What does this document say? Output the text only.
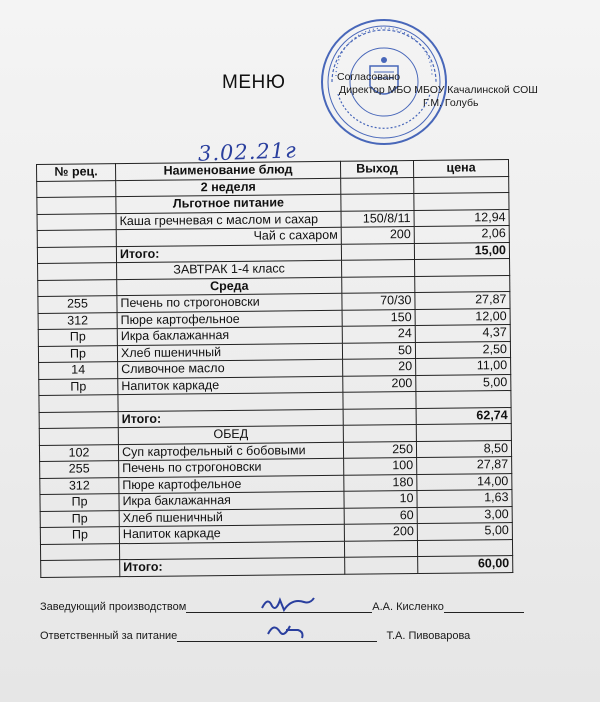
МЕНЮ	Согласовано
Директор МБО МБОУ Качалинской СОШ
Г.М. Голубь
3.02.21г
№ рец.	Наименование блюд	Выход	цена
	2 неделя		
	Льготное питание		
	Каша гречневая с маслом и сахар	150/8/11	12,94
	Чай с сахаром	200	2,06
	Итого:		15,00
	ЗАВТРАК 1-4 класс		
	Среда		
255	Печень по строгоновски	70/30	27,87
312	Пюре картофельное	150	12,00
Пр	Икра баклажанная	24	4,37
Пр	Хлеб пшеничный	50	2,50
14	Сливочное масло	20	11,00
Пр	Напиток каркаде	200	5,00

	Итого:		62,74
	ОБЕД		
102	Суп картофельный с бобовыми	250	8,50
255	Печень по строгоновски	100	27,87
312	Пюре картофельное	180	14,00
Пр	Икра баклажанная	10	1,63
Пр	Хлеб пшеничный	60	3,00
Пр	Напиток каркаде	200	5,00

	Итого:		60,00
Заведующий производством	А.А. Кисленко
Ответственный за питание	Т.А. Пивоварова
